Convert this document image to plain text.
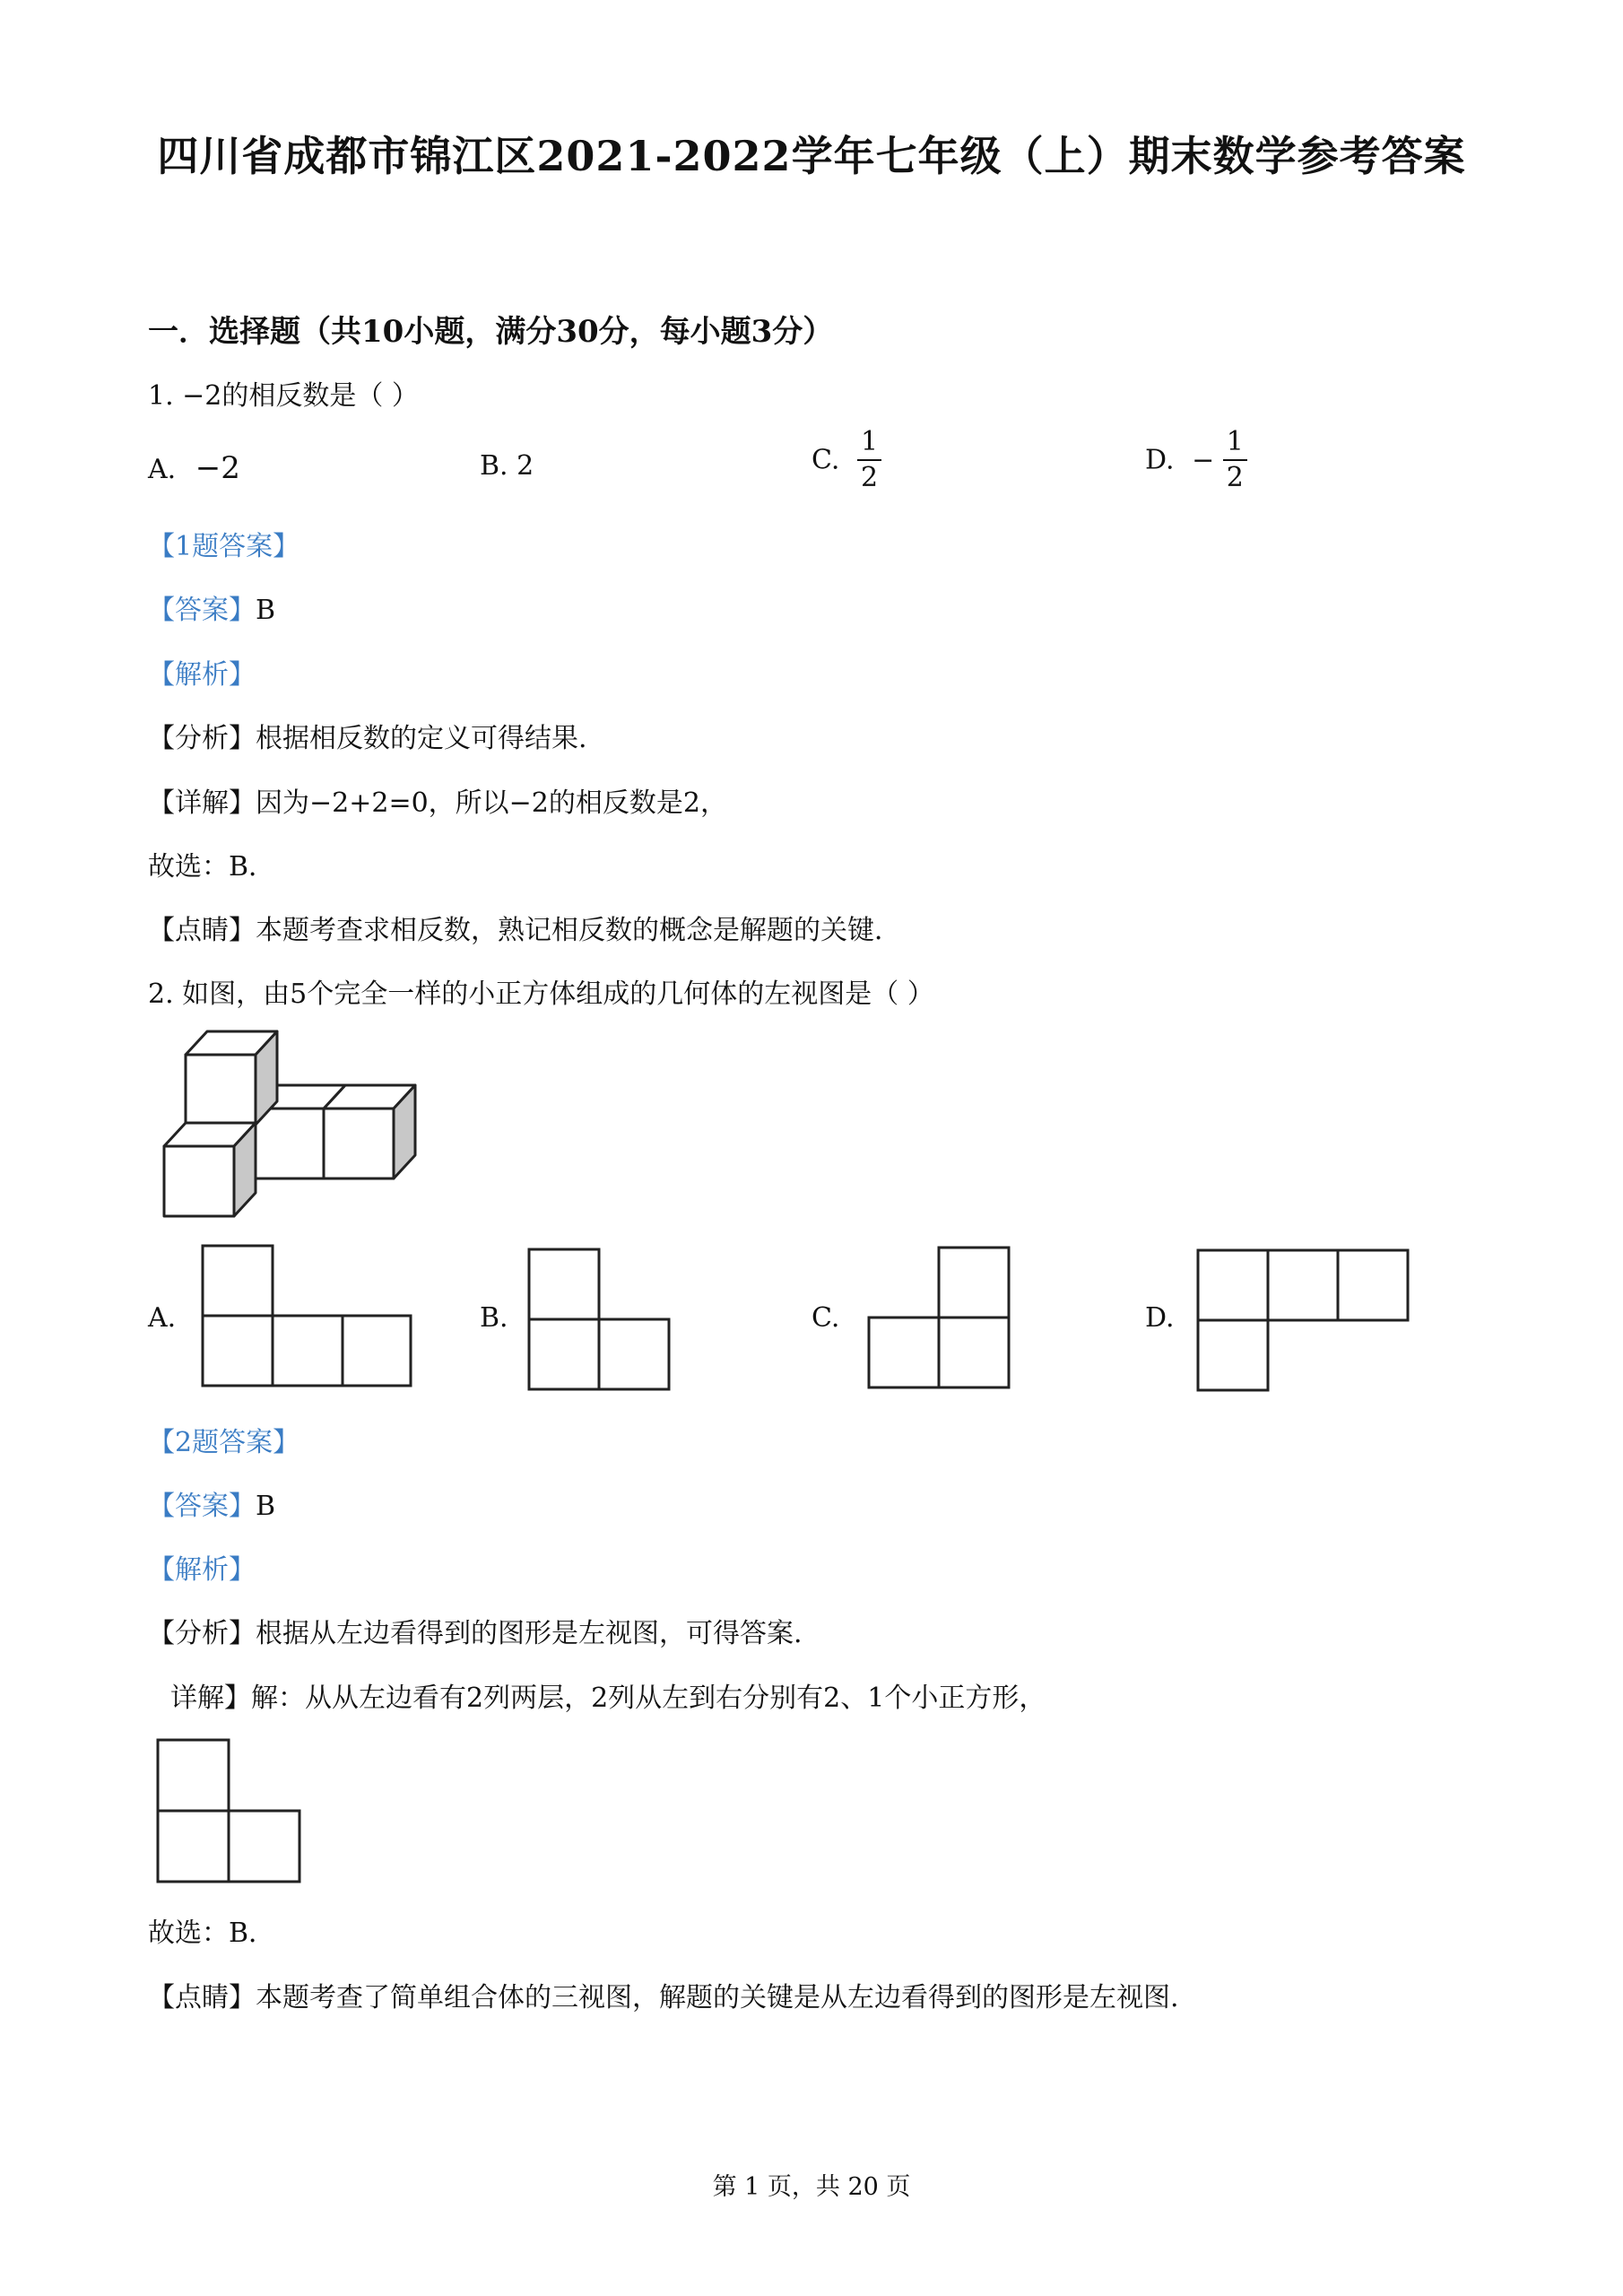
四川省成都市锦江区2021-2022学年七年级（上）期末数学参考答案
一．选择题（共10小题，满分30分，每小题3分）
1. −2的相反数是（ ）
A. −2	B. 2	C. $\frac{1}{2}$	D. − $\frac{1}{2}$
【1题答案】
【答案】B
【解析】
【分析】根据相反数的定义可得结果.
【详解】因为−2+2=0，所以−2的相反数是2，
故选：B．
【点睛】本题考查求相反数，熟记相反数的概念是解题的关键．
2. 如图，由5个完全一样的小正方体组成的几何体的左视图是（ ）
A.	B.	C.	D.
【2题答案】
【答案】B
【解析】
【分析】根据从左边看得到的图形是左视图，可得答案.
详解】解：从从左边看有2列两层，2列从左到右分别有2、1个小正方形，
故选：B．
【点睛】本题考查了简单组合体的三视图，解题的关键是从左边看得到的图形是左视图.
第 1 页，共 20 页
